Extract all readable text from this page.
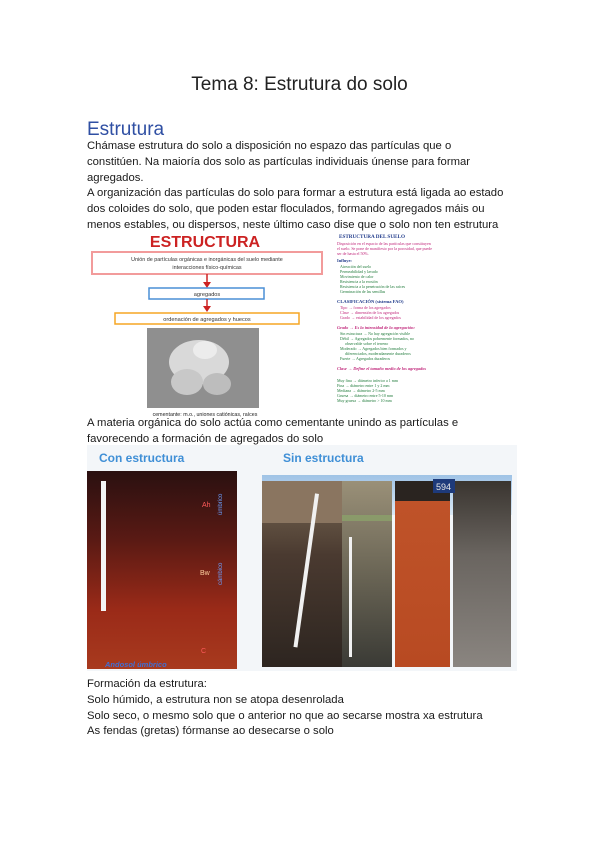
Tema 8: Estrutura do solo
Estrutura
Chámase estrutura do solo a disposición no espazo das partículas que o
constitúen. Na maioría dos solo as partículas individuais únense para formar
agregados.
A organización das partículas do solo para formar a estrutura está ligada ao estado
dos coloides do solo, que poden estar floculados, formando agregados máis ou
menos estables, ou dispersos, neste último caso dise que o solo non ten estrutura
ESTRUCTURA
Unión de partículas orgánicas e inorgánicas del suelo mediante
interacciones físico-químicas
agregados
ordenación de agregados y huecos
cementante: m.o., uniones catiónicas, raíces
ESTRUCTURA DEL SUELO
Disposición en el espacio de las partículas que constituyen
el suelo. Se pone de manifiesto por la porosidad, que puede
ser de hasta el 50%.
Influye:
Aireación del suelo
Permeabilidad y lavado
Movimiento de calor
Resistencia a la erosión
Resistencia a la penetración de las raíces
Germinación de las semillas
CLASIFICACIÓN (sistema FAO)
Tipo → forma de los agregados
Clase → dimensión de los agregados
Grado → estabilidad de los agregados
Grado → Es la intensidad de la agregación:
Sin estructura → No hay agregación visible
Débil → Agregados pobremente formados, no
observable sobre el terreno
Moderado → Agregados bien formados y
diferenciados, moderadamente duraderos
Fuerte → Agregados duraderos
Clase → Define el tamaño medio de los agregados
Muy fina → diámetro inferior a 1 mm
Fina → diámetro entre 1 y 2 mm
Mediana → diámetro 2-5 mm
Gruesa → diámetro entre 5-10 mm
Muy gruesa → diámetro > 10 mm
A materia orgánica do solo actúa como cementante unindo as partículas e
favorecendo a formación de agregados do solo
Con estructura
Ah úmbrico
Bw cámbico
C
Andosol úmbrico
Sin estructura
594
Formación da estrutura:
Solo húmido, a estrutura non se atopa desenrolada
Solo seco, o mesmo solo que o anterior no que ao secarse mostra xa estrutura
As fendas (gretas) fórmanse ao desecarse o solo
